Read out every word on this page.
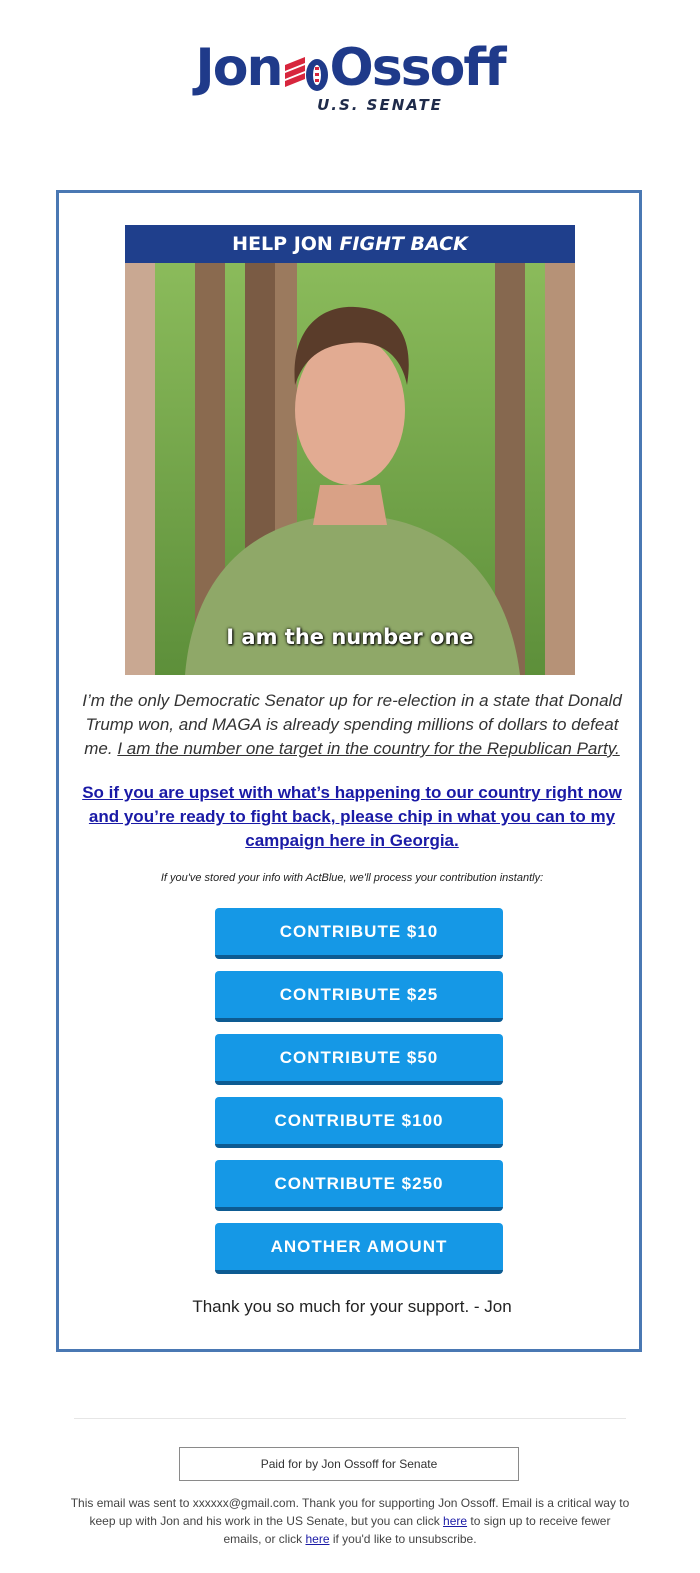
Jon Ossoff
U.S. SENATE
HELP JON FIGHT BACK
I am the number one

I’m the only Democratic Senator up for re-election in a state that Donald Trump won, and MAGA is already spending millions of dollars to defeat me. I am the number one target in the country for the Republican Party.

So if you are upset with what’s happening to our country right now and you’re ready to fight back, please chip in what you can to my campaign here in Georgia.

If you've stored your info with ActBlue, we'll process your contribution instantly:

CONTRIBUTE $10
CONTRIBUTE $25
CONTRIBUTE $50
CONTRIBUTE $100
CONTRIBUTE $250
ANOTHER AMOUNT

Thank you so much for your support. - Jon

Paid for by Jon Ossoff for Senate

This email was sent to xxxxxx@gmail.com. Thank you for supporting Jon Ossoff. Email is a critical way to keep up with Jon and his work in the US Senate, but you can click here to sign up to receive fewer emails, or click here if you'd like to unsubscribe.
